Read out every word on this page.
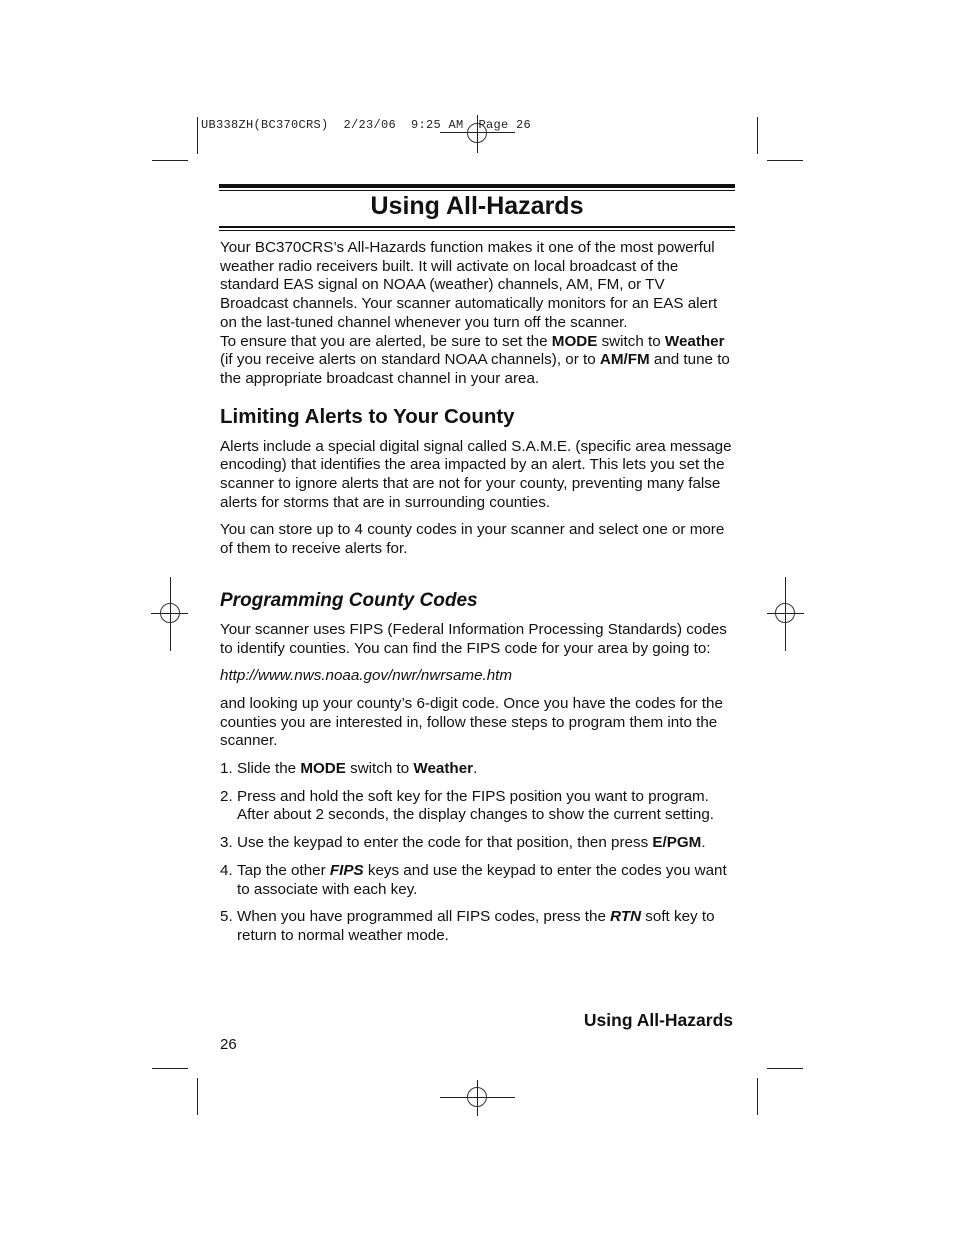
UB338ZH(BC370CRS)  2/23/06  9:25 AM  Page 26
Using All-Hazards

Your BC370CRS’s All-Hazards function makes it one of the most powerful weather radio receivers built. It will activate on local broadcast of the standard EAS signal on NOAA (weather) channels, AM, FM, or TV Broadcast channels. Your scanner automatically monitors for an EAS alert on the last-tuned channel whenever you turn off the scanner.

To ensure that you are alerted, be sure to set the MODE switch to Weather (if you receive alerts on standard NOAA channels), or to AM/FM and tune to the appropriate broadcast channel in your area.

Limiting Alerts to Your County

Alerts include a special digital signal called S.A.M.E. (specific area message encoding) that identifies the area impacted by an alert. This lets you set the scanner to ignore alerts that are not for your county, preventing many false alerts for storms that are in surrounding counties.

You can store up to 4 county codes in your scanner and select one or more of them to receive alerts for.

Programming County Codes

Your scanner uses FIPS (Federal Information Processing Standards) codes to identify counties. You can find the FIPS code for your area by going to:

http://www.nws.noaa.gov/nwr/nwrsame.htm

and looking up your county’s 6-digit code. Once you have the codes for the counties you are interested in, follow these steps to program them into the scanner.

1. Slide the MODE switch to Weather.
2. Press and hold the soft key for the FIPS position you want to program. After about 2 seconds, the display changes to show the current setting.
3. Use the keypad to enter the code for that position, then press E/PGM.
4. Tap the other FIPS keys and use the keypad to enter the codes you want to associate with each key.
5. When you have programmed all FIPS codes, press the RTN soft key to return to normal weather mode.
Using All-Hazards
26
